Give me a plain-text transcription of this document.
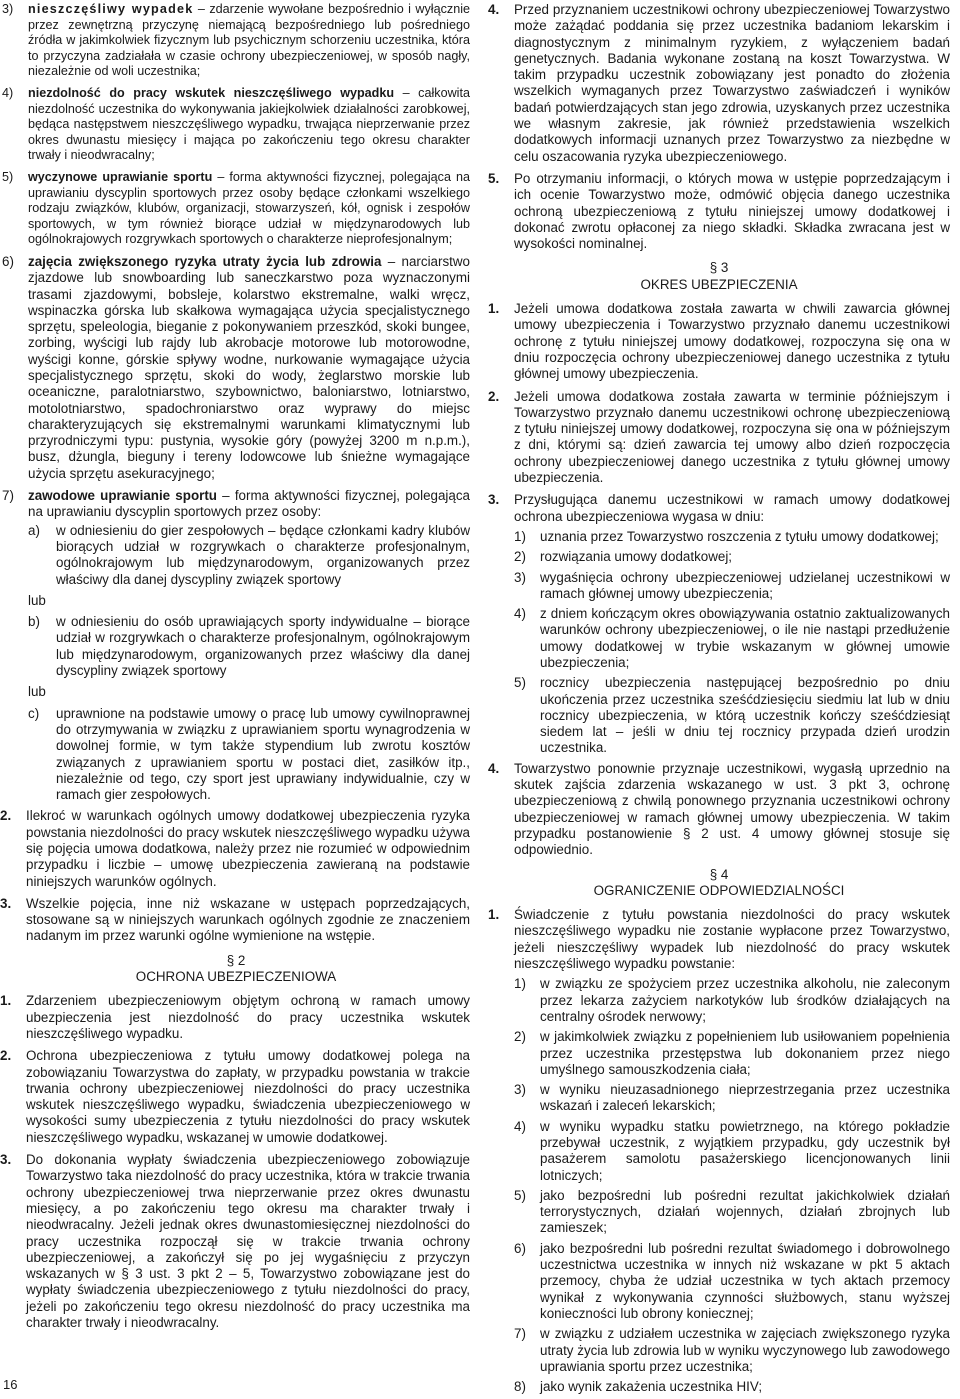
3)	nieszczęśliwy wypadek – zdarzenie wywołane bezpośrednio i wyłącznie przez zewnętrzną przyczynę niemającą bezpośredniego lub pośredniego źródła w jakimkolwiek fizycznym lub psychicznym schorzeniu uczestnika, która to przyczyna zadziałała w czasie ochrony ubezpieczeniowej, w sposób nagły, niezależnie od woli uczestnika;
4)	niezdolność do pracy wskutek nieszczęśliwego wypadku – całkowita niezdolność uczestnika do wykonywania jakiejkolwiek działalności zarobkowej, będąca następstwem nieszczęśliwego wypadku, trwająca nieprzerwanie przez okres dwunastu miesięcy i mająca po zakończeniu tego okresu charakter trwały i nieodwracalny;
5)	wyczynowe uprawianie sportu – forma aktywności fizycznej, polegająca na uprawianiu dyscyplin sportowych przez osoby będące członkami wszelkiego rodzaju związków, klubów, organizacji, stowarzyszeń, kół, ognisk i zespołów sportowych, w tym również biorące udział w międzynarodowych lub ogólnokrajowych rozgrywkach sportowych o charakterze nieprofesjonalnym;
6)	zajęcia zwiększonego ryzyka utraty życia lub zdrowia – narciarstwo zjazdowe lub snowboarding lub saneczkarstwo poza wyznaczonymi trasami zjazdowymi, bobsleje, kolarstwo ekstremalne, walki wręcz, wspinaczka górska lub skałkowa wymagająca użycia specjalistycznego sprzętu, speleologia, bieganie z pokonywaniem przeszkód, skoki bungee, zorbing, wyścigi lub rajdy lub akrobacje motorowe lub motorowodne, wyścigi konne, górskie spływy wodne, nurkowanie wymagające użycia specjalistycznego sprzętu, skoki do wody, żeglarstwo morskie lub oceaniczne, paralotniarstwo, szybownictwo, baloniarstwo, lotniarstwo, motolotniarstwo, spadochroniarstwo oraz wyprawy do miejsc charakteryzujących się ekstremalnymi warunkami klimatycznymi lub przyrodniczymi typu: pustynia, wysokie góry (powyżej 3200 m n.p.m.), busz, dżungla, bieguny i tereny lodowcowe lub śnieżne wymagające użycia sprzętu asekuracyjnego;
7)	zawodowe uprawianie sportu – forma aktywności fizycznej, polegająca na uprawianiu dyscyplin sportowych przez osoby:
a)	w odniesieniu do gier zespołowych – będące członkami kadry klubów biorących udział w rozgrywkach o charakterze profesjonalnym, ogólnokrajowym lub międzynarodowym, organizowanych przez właściwy dla danej dyscypliny związek sportowy
lub
b)	w odniesieniu do osób uprawiających sporty indywidualne – biorące udział w rozgrywkach o charakterze profesjonalnym, ogólnokrajowym lub międzynarodowym, organizowanych przez właściwy dla danej dyscypliny związek sportowy
lub
c)	uprawnione na podstawie umowy o pracę lub umowy cywilnoprawnej do otrzymywania w związku z uprawianiem sportu wynagrodzenia w dowolnej formie, w tym także stypendium lub zwrotu kosztów związanych z uprawianiem sportu w postaci diet, zasiłków itp., niezależnie od tego, czy sport jest uprawiany indywidualnie, czy w ramach gier zespołowych.
2.	Ilekroć w warunkach ogólnych umowy dodatkowej ubezpieczenia ryzyka powstania niezdolności do pracy wskutek nieszczęśliwego wypadku używa się pojęcia umowa dodatkowa, należy przez nie rozumieć w odpowiednim przypadku i liczbie – umowę ubezpieczenia zawieraną na podstawie niniejszych warunków ogólnych.
3.	Wszelkie pojęcia, inne niż wskazane w ustępach poprzedzających, stosowane są w niniejszych warunkach ogólnych zgodnie ze znaczeniem nadanym im przez warunki ogólne wymienione na wstępie.
§ 2
OCHRONA UBEZPIECZENIOWA
1.	Zdarzeniem ubezpieczeniowym objętym ochroną w ramach umowy ubezpieczenia jest niezdolność do pracy uczestnika wskutek nieszczęśliwego wypadku.
2.	Ochrona ubezpieczeniowa z tytułu umowy dodatkowej polega na zobowiązaniu Towarzystwa do zapłaty, w przypadku powstania w trakcie trwania ochrony ubezpieczeniowej niezdolności do pracy uczestnika wskutek nieszczęśliwego wypadku, świadczenia ubezpieczeniowego w wysokości sumy ubezpieczenia z tytułu niezdolności do pracy wskutek nieszczęśliwego wypadku, wskazanej w umowie dodatkowej.
3.	Do dokonania wypłaty świadczenia ubezpieczeniowego zobowiązuje Towarzystwo taka niezdolność do pracy uczestnika, która w trakcie trwania ochrony ubezpieczeniowej trwa nieprzerwanie przez okres dwunastu miesięcy, a po zakończeniu tego okresu ma charakter trwały i nieodwracalny. Jeżeli jednak okres dwunastomiesięcznej niezdolności do pracy uczestnika rozpoczął się w trakcie trwania ochrony ubezpieczeniowej, a zakończył się po jej wygaśnięciu z przyczyn wskazanych w § 3 ust. 3 pkt 2 – 5, Towarzystwo zobowiązane jest do wypłaty świadczenia ubezpieczeniowego z tytułu niezdolności do pracy, jeżeli po zakończeniu tego okresu niezdolność do pracy uczestnika ma charakter trwały i nieodwracalny.
4.	Przed przyznaniem uczestnikowi ochrony ubezpieczeniowej Towarzystwo może zażądać poddania się przez uczestnika badaniom lekarskim i diagnostycznym z minimalnym ryzykiem, z wyłączeniem badań genetycznych. Badania wykonane zostaną na koszt Towarzystwa. W takim przypadku uczestnik zobowiązany jest ponadto do złożenia wszelkich wymaganych przez Towarzystwo zaświadczeń i wyników badań potwierdzających stan jego zdrowia, uzyskanych przez uczestnika we własnym zakresie, jak również przedstawienia wszelkich dodatkowych informacji uznanych przez Towarzystwo za niezbędne w celu oszacowania ryzyka ubezpieczeniowego.
5.	Po otrzymaniu informacji, o których mowa w ustępie poprzedzającym i ich ocenie Towarzystwo może, odmówić objęcia danego uczestnika ochroną ubezpieczeniową z tytułu niniejszej umowy dodatkowej i dokonać zwrotu opłaconej za niego składki. Składka zwracana jest w wysokości nominalnej.
§ 3
OKRES UBEZPIECZENIA
1.	Jeżeli umowa dodatkowa została zawarta w chwili zawarcia głównej umowy ubezpieczenia i Towarzystwo przyznało danemu uczestnikowi ochronę z tytułu niniejszej umowy dodatkowej, rozpoczyna się ona w dniu rozpoczęcia ochrony ubezpieczeniowej danego uczestnika z tytułu głównej umowy ubezpieczenia.
2.	Jeżeli umowa dodatkowa została zawarta w terminie późniejszym i Towarzystwo przyznało danemu uczestnikowi ochronę ubezpieczeniową z tytułu niniejszej umowy dodatkowej, rozpoczyna się ona w późniejszym z dni, którymi są: dzień zawarcia tej umowy albo dzień rozpoczęcia ochrony ubezpieczeniowej danego uczestnika z tytułu głównej umowy ubezpieczenia.
3.	Przysługująca danemu uczestnikowi w ramach umowy dodatkowej ochrona ubezpieczeniowa wygasa w dniu:
1)	uznania przez Towarzystwo roszczenia z tytułu umowy dodatkowej;
2)	rozwiązania umowy dodatkowej;
3)	wygaśnięcia ochrony ubezpieczeniowej udzielanej uczestnikowi w ramach głównej umowy ubezpieczenia;
4)	z dniem kończącym okres obowiązywania ostatnio zaktualizowanych warunków ochrony ubezpieczeniowej, o ile nie nastąpi przedłużenie umowy dodatkowej w trybie wskazanym w głównej umowie ubezpieczenia;
5)	rocznicy ubezpieczenia następującej bezpośrednio po dniu ukończenia przez uczestnika sześćdziesięciu siedmiu lat lub w dniu rocznicy ubezpieczenia, w którą uczestnik kończy sześćdziesiąt siedem lat – jeśli w dniu tej rocznicy przypada dzień urodzin uczestnika.
4.	Towarzystwo ponownie przyznaje uczestnikowi, wygasłą uprzednio na skutek zajścia zdarzenia wskazanego w ust. 3 pkt 3, ochronę ubezpieczeniową z chwilą ponownego przyznania uczestnikowi ochrony ubezpieczeniowej w ramach głównej umowy ubezpieczenia. W takim przypadku postanowienie § 2 ust. 4 umowy głównej stosuje się odpowiednio.
§ 4
OGRANICZENIE ODPOWIEDZIALNOŚCI
1.	Świadczenie z tytułu powstania niezdolności do pracy wskutek nieszczęśliwego wypadku nie zostanie wypłacone przez Towarzystwo, jeżeli nieszczęśliwy wypadek lub niezdolność do pracy wskutek nieszczęśliwego wypadku powstanie:
1)	w związku ze spożyciem przez uczestnika alkoholu, nie zaleconym przez lekarza zażyciem narkotyków lub środków działających na centralny ośrodek nerwowy;
2)	w jakimkolwiek związku z popełnieniem lub usiłowaniem popełnienia przez uczestnika przestępstwa lub dokonaniem przez niego umyślnego samouszkodzenia ciała;
3)	w wyniku nieuzasadnionego nieprzestrzegania przez uczestnika wskazań i zaleceń lekarskich;
4)	w wyniku wypadku statku powietrznego, na którego pokładzie przebywał uczestnik, z wyjątkiem przypadku, gdy uczestnik był pasażerem samolotu pasażerskiego licencjonowanych linii lotniczych;
5)	jako bezpośredni lub pośredni rezultat jakichkolwiek działań terrorystycznych, działań wojennych, działań zbrojnych lub zamieszek;
6)	jako bezpośredni lub pośredni rezultat świadomego i dobrowolnego uczestnictwa uczestnika w innych niż wskazane w pkt 5 aktach przemocy, chyba że udział uczestnika w tych aktach przemocy wynikał z wykonywania czynności służbowych, stanu wyższej konieczności lub obrony koniecznej;
7)	w związku z udziałem uczestnika w zajęciach zwiększonego ryzyka utraty życia lub zdrowia lub w wyniku wyczynowego lub zawodowego uprawiania sportu przez uczestnika;
8)	jako wynik zakażenia uczestnika HIV;
16
